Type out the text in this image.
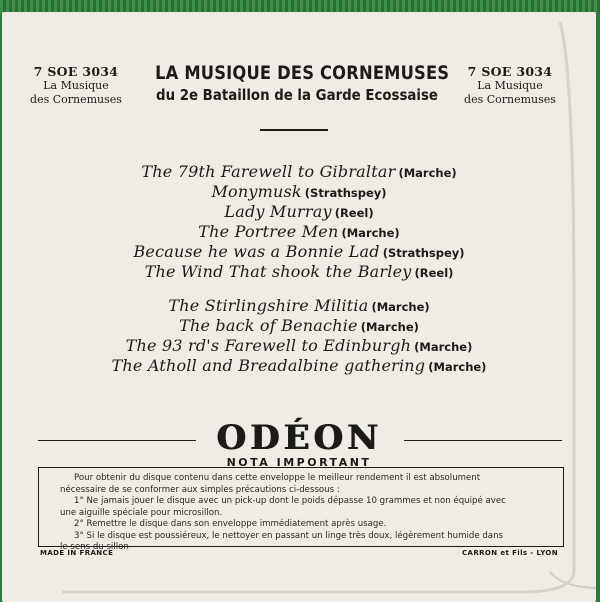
7 SOE 3034
La Musique
des Cornemuses
LA MUSIQUE DES CORNEMUSES
du 2e Bataillon de la Garde Ecossaise
7 SOE 3034
La Musique
des Cornemuses
The 79th Farewell to Gibraltar (Marche)
Monymusk (Strathspey)
Lady Murray (Reel)
The Portree Men (Marche)
Because he was a Bonnie Lad (Strathspey)
The Wind That shook the Barley (Reel)
The Stirlingshire Militia (Marche)
The back of Benachie (Marche)
The 93 rd's Farewell to Edinburgh (Marche)
The Atholl and Breadalbine gathering (Marche)
ODÉON
NOTA IMPORTANT
Pour obtenir du disque contenu dans cette enveloppe le meilleur rendement il est absolument
nécessaire de se conformer aux simples précautions ci-dessous :
1° Ne jamais jouer le disque avec un pick-up dont le poids dépasse 10 grammes et non équipé avec
une aiguille spéciale pour microsillon.
2° Remettre le disque dans son enveloppe immédiatement après usage.
3° Si le disque est poussiéreux, le nettoyer en passant un linge très doux, légèrement humide dans
le sens du sillon
MADE IN FRANCE	CARRON et Fils - LYON
